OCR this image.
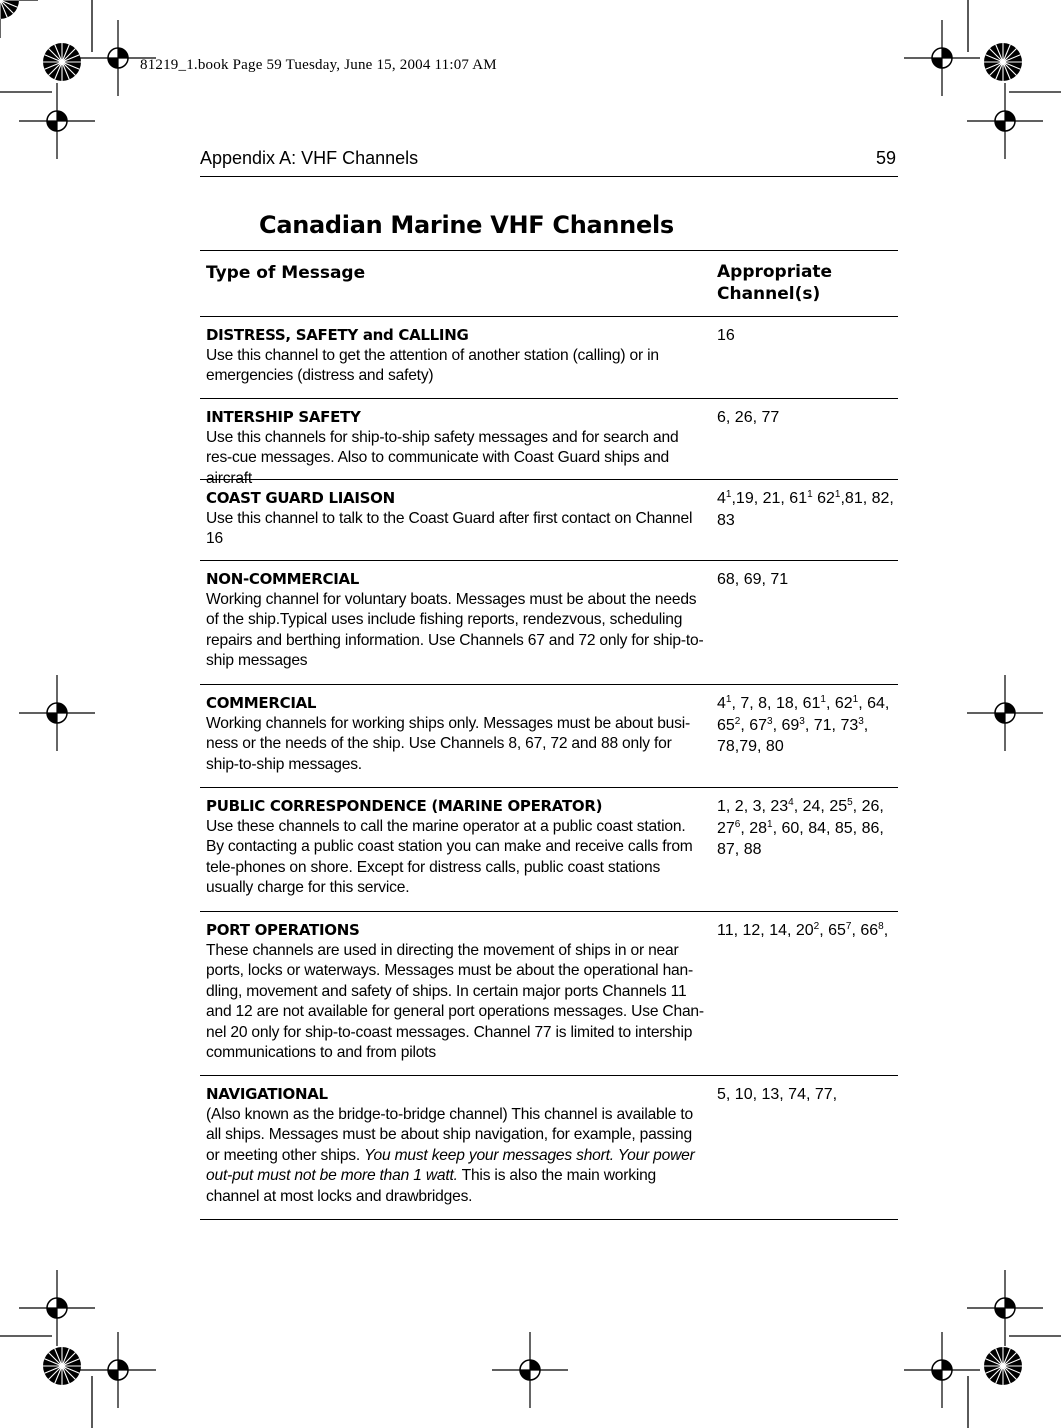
81219_1.book Page 59 Tuesday, June 15, 2004 11:07 AM
Appendix A: VHF Channels	59
Canadian Marine VHF Channels
Type of Message	Appropriate
Channel(s)
DISTRESS, SAFETY and CALLING
Use this channel to get the attention of another station (calling) or in emergencies (distress and safety)
16
INTERSHIP SAFETY
Use this channels for ship-to-ship safety messages and for search and res-cue messages. Also to communicate with Coast Guard ships and aircraft
6, 26, 77
COAST GUARD LIAISON
Use this channel to talk to the Coast Guard after first contact on Channel 16
$4^1,19$, 21, $61^1$ $62^1,81$, 82, 83
NON-COMMERCIAL
Working channel for voluntary boats. Messages must be about the needs of the ship.Typical uses include fishing reports, rendezvous, scheduling repairs and berthing information. Use Channels 67 and 72 only for ship-to-ship messages
68, 69, 71
COMMERCIAL
Working channels for working ships only. Messages must be about busi-ness or the needs of the ship. Use Channels 8, 67, 72 and 88 only for ship-to-ship messages.
$4^1$, 7, 8, 18, $61^1$, $62^1$, 64, $65^2$, $67^3$, $69^3$, 71, $73^3$, 78,79, 80
PUBLIC CORRESPONDENCE (MARINE OPERATOR)
Use these channels to call the marine operator at a public coast station. By contacting a public coast station you can make and receive calls from tele-phones on shore. Except for distress calls, public coast stations usually charge for this service.
1, 2, 3, $23^4$, 24, $25^5$, 26, $27^6$, $28^1$, 60, 84, 85, 86, 87, 88
PORT OPERATIONS
These channels are used in directing the movement of ships in or near ports, locks or waterways. Messages must be about the operational han-dling, movement and safety of ships. In certain major ports Channels 11 and 12 are not available for general port operations messages. Use Chan-nel 20 only for ship-to-coast messages. Channel 77 is limited to intership communications to and from pilots
11, 12, 14, $20^2$, $65^7$, $66^8$,
NAVIGATIONAL
(Also known as the bridge-to-bridge channel) This channel is available to all ships. Messages must be about ship navigation, for example, passing or meeting other ships. You must keep your messages short. Your power out-put must not be more than 1 watt. This is also the main working channel at most locks and drawbridges.
5, 10, 13, 74, 77,
